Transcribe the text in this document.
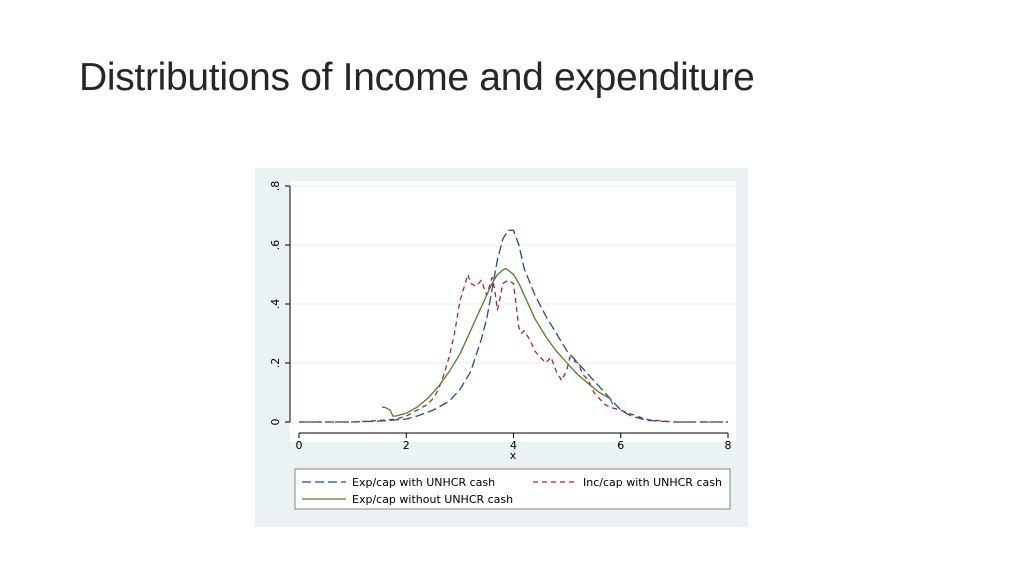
Distributions of Income and expenditure
0
.2
.4
.6
.8
0	2	4	6	8
x
Exp/cap with UNHCR cash	Inc/cap with UNHCR cash
Exp/cap without UNHCR cash
